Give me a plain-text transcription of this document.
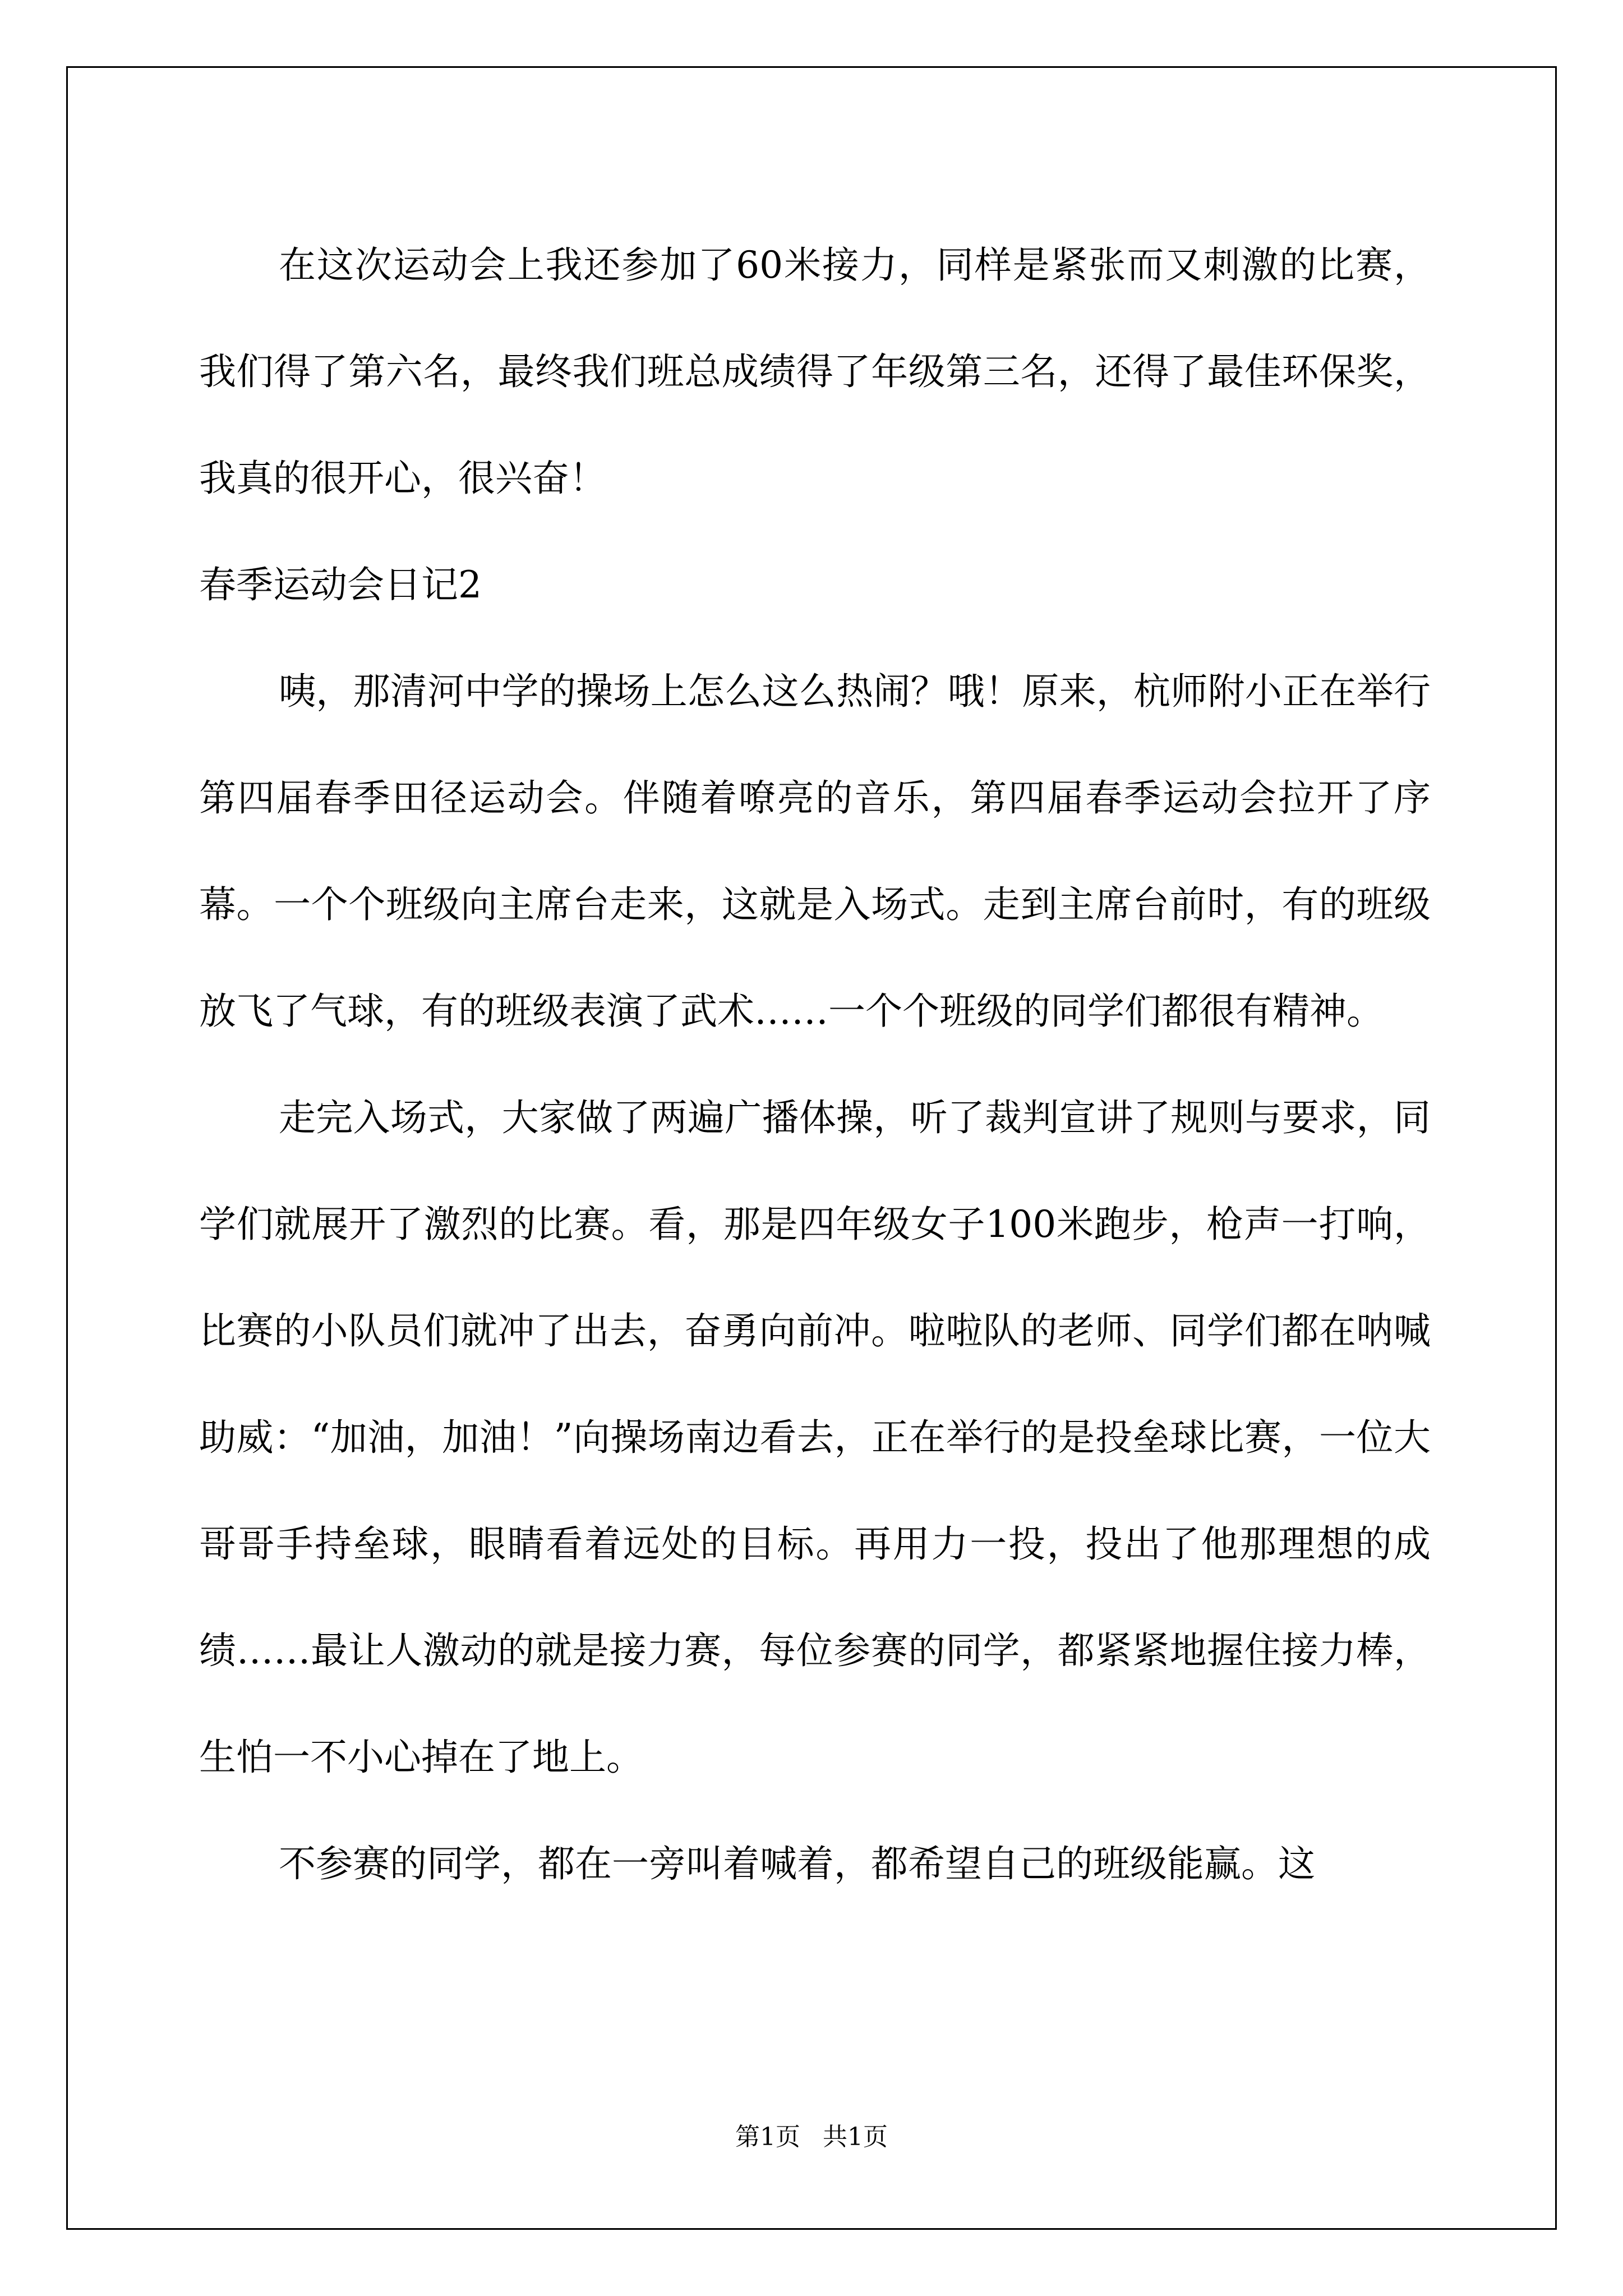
在这次运动会上我还参加了60米接力，同样是紧张而又刺激的比赛，我们得了第六名，最终我们班总成绩得了年级第三名，还得了最佳环保奖，我真的很开心，很兴奋！

春季运动会日记2

咦，那清河中学的操场上怎么这么热闹？哦！原来，杭师附小正在举行第四届春季田径运动会。伴随着嘹亮的音乐，第四届春季运动会拉开了序幕。一个个班级向主席台走来，这就是入场式。走到主席台前时，有的班级放飞了气球，有的班级表演了武术……一个个班级的同学们都很有精神。

走完入场式，大家做了两遍广播体操，听了裁判宣讲了规则与要求，同学们就展开了激烈的比赛。看，那是四年级女子100米跑步，枪声一打响，比赛的小队员们就冲了出去，奋勇向前冲。啦啦队的老师、同学们都在呐喊助威：“加油，加油！”向操场南边看去，正在举行的是投垒球比赛，一位大哥哥手持垒球，眼睛看着远处的目标。再用力一投，投出了他那理想的成绩……最让人激动的就是接力赛，每位参赛的同学，都紧紧地握住接力棒，生怕一不小心掉在了地上。

不参赛的同学，都在一旁叫着喊着，都希望自己的班级能赢。这

第1页 共1页
